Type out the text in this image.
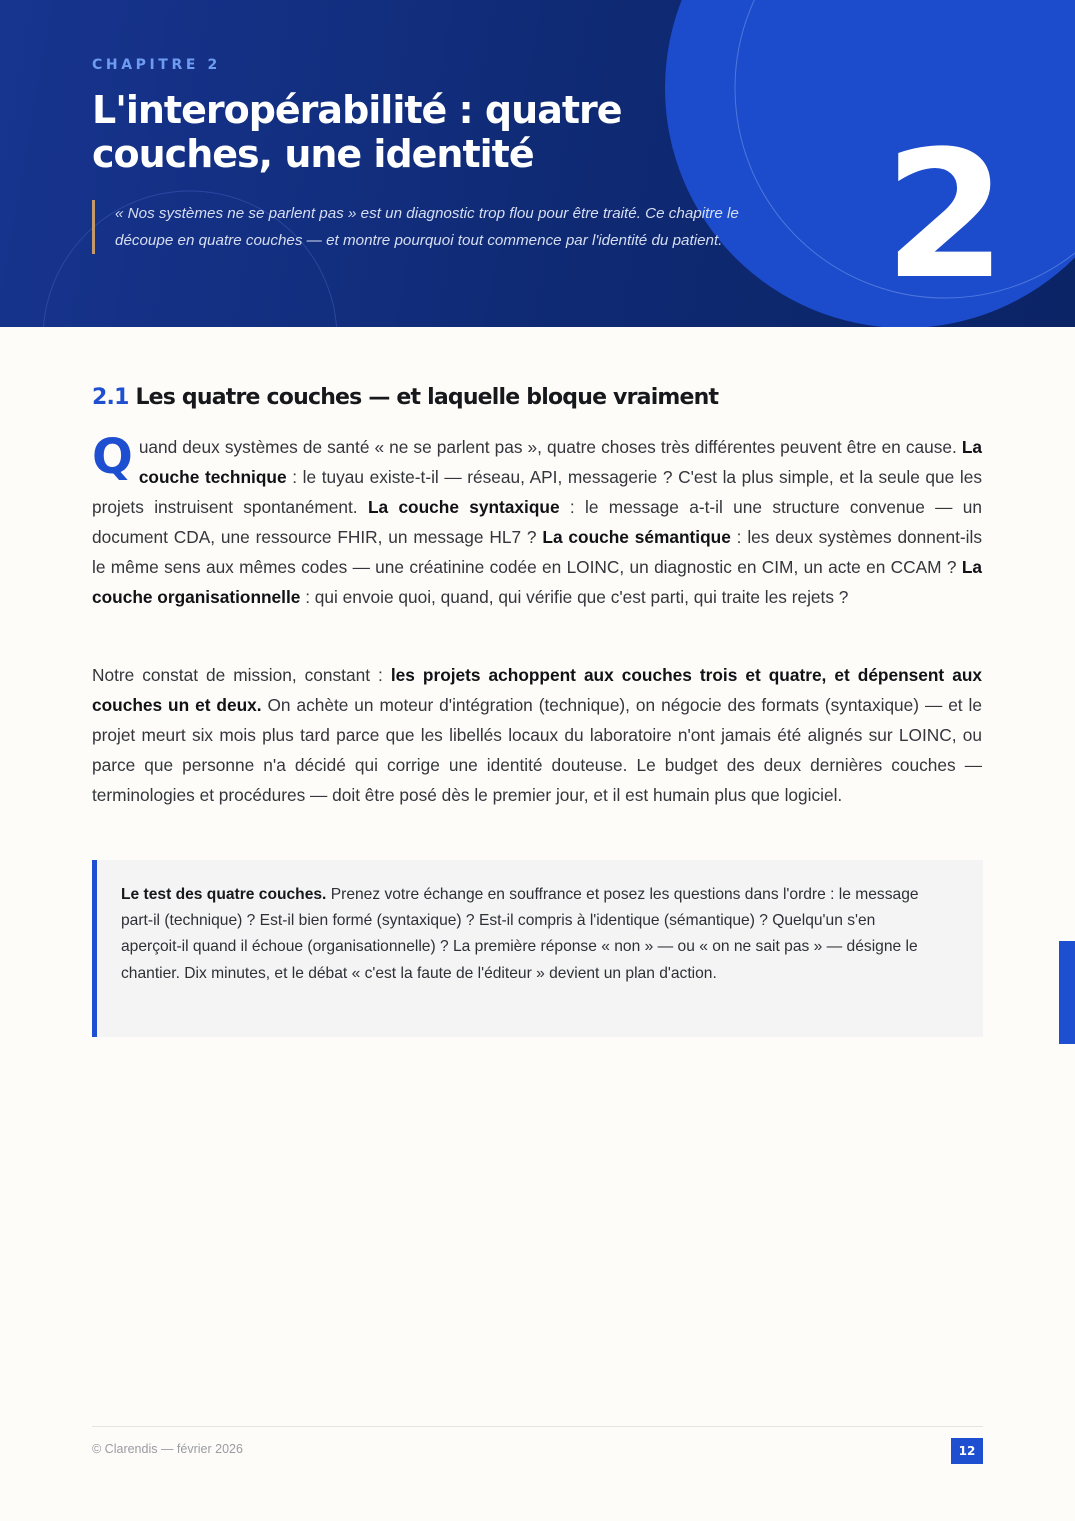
CHAPITRE 2
L'interopérabilité : quatre couches, une identité
« Nos systèmes ne se parlent pas » est un diagnostic trop flou pour être traité. Ce chapitre le découpe en quatre couches — et montre pourquoi tout commence par l'identité du patient. 2
2.1 Les quatre couches — et laquelle bloque vraiment

Quand deux systèmes de santé « ne se parlent pas », quatre choses très différentes peuvent être en cause. La couche technique : le tuyau existe-t-il — réseau, API, messagerie ? C'est la plus simple, et la seule que les projets instruisent spontanément. La couche syntaxique : le message a-t-il une structure convenue — un document CDA, une ressource FHIR, un message HL7 ? La couche sémantique : les deux systèmes donnent-ils le même sens aux mêmes codes — une créatinine codée en LOINC, un diagnostic en CIM, un acte en CCAM ? La couche organisationnelle : qui envoie quoi, quand, qui vérifie que c'est parti, qui traite les rejets ?

Notre constat de mission, constant : les projets achoppent aux couches trois et quatre, et dépensent aux couches un et deux. On achète un moteur d'intégration (technique), on négocie des formats (syntaxique) — et le projet meurt six mois plus tard parce que les libellés locaux du laboratoire n'ont jamais été alignés sur LOINC, ou parce que personne n'a décidé qui corrige une identité douteuse. Le budget des deux dernières couches — terminologies et procédures — doit être posé dès le premier jour, et il est humain plus que logiciel.

Le test des quatre couches. Prenez votre échange en souffrance et posez les questions dans l'ordre : le message part-il (technique) ? Est-il bien formé (syntaxique) ? Est-il compris à l'identique (sémantique) ? Quelqu'un s'en aperçoit-il quand il échoue (organisationnelle) ? La première réponse « non » — ou « on ne sait pas » — désigne le chantier. Dix minutes, et le débat « c'est la faute de l'éditeur » devient un plan d'action.
© Clarendis — février 2026	12
